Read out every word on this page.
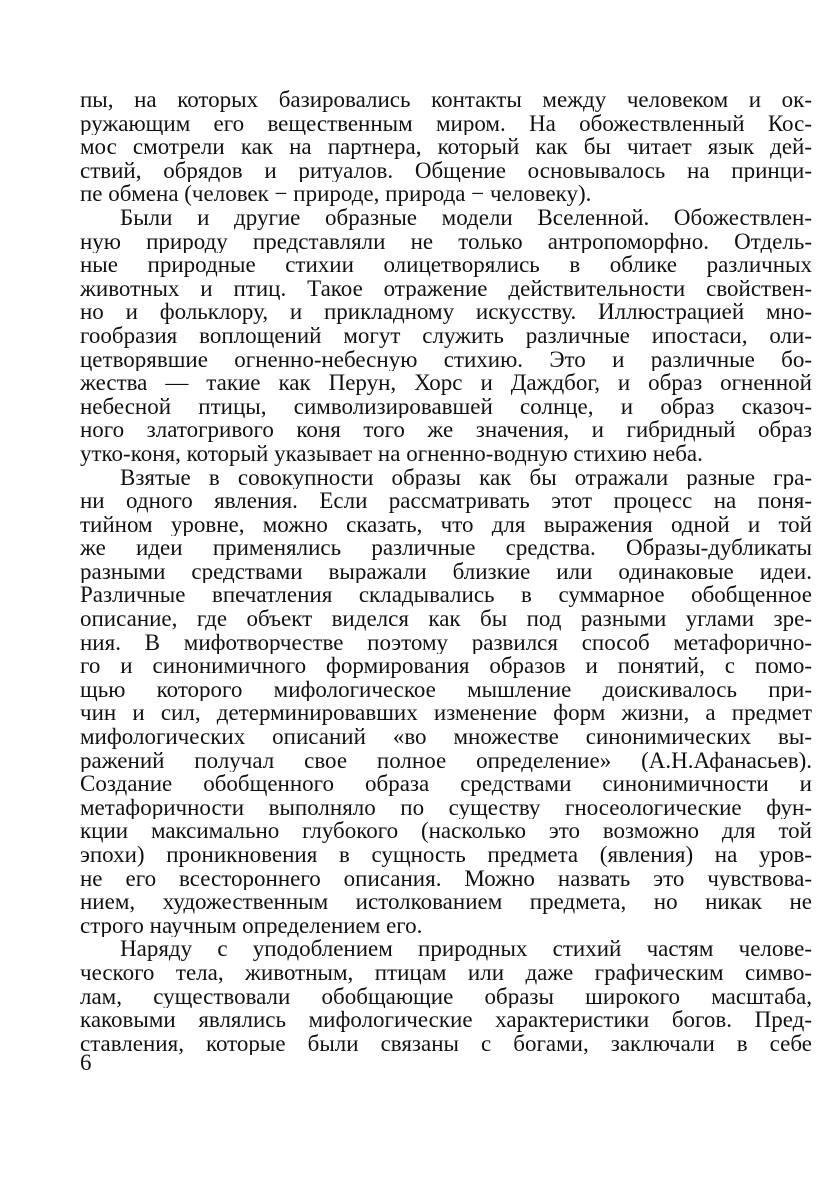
пы, на которых базировались контакты между человеком и ок-
ружающим его вещественным миром. На обожествленный Кос-
мос смотрели как на партнера, который как бы читает язык дей-
ствий, обрядов и ритуалов. Общение основывалось на принци-
пе обмена (человек − природе, природа − человеку).
Были и другие образные модели Вселенной. Обожествлен-
ную природу представляли не только антропоморфно. Отдель-
ные природные стихии олицетворялись в облике различных
животных и птиц. Такое отражение действительности свойствен-
но и фольклору, и прикладному искусству. Иллюстрацией мно-
гообразия воплощений могут служить различные ипостаси, оли-
цетворявшие огненно-небесную стихию. Это и различные бо-
жества — такие как Перун, Хорс и Даждбог, и образ огненной
небесной птицы, символизировавшей солнце, и образ сказоч-
ного златогривого коня того же значения, и гибридный образ
утко-коня, который указывает на огненно-водную стихию неба.
Взятые в совокупности образы как бы отражали разные гра-
ни одного явления. Если рассматривать этот процесс на поня-
тийном уровне, можно сказать, что для выражения одной и той
же идеи применялись различные средства. Образы-дубликаты
разными средствами выражали близкие или одинаковые идеи.
Различные впечатления складывались в суммарное обобщенное
описание, где объект виделся как бы под разными углами зре-
ния. В мифотворчестве поэтому развился способ метафорично-
го и синонимичного формирования образов и понятий, с помо-
щью которого мифологическое мышление доискивалось при-
чин и сил, детерминировавших изменение форм жизни, а предмет
мифологических описаний «во множестве синонимических вы-
ражений получал свое полное определение» (А.Н.Афанасьев).
Создание обобщенного образа средствами синонимичности и
метафоричности выполняло по существу гносеологические фун-
кции максимально глубокого (насколько это возможно для той
эпохи) проникновения в сущность предмета (явления) на уров-
не его всестороннего описания. Можно назвать это чувствова-
нием, художественным истолкованием предмета, но никак не
строго научным определением его.
Наряду с уподоблением природных стихий частям челове-
ческого тела, животным, птицам или даже графическим симво-
лам, существовали обобщающие образы широкого масштаба,
каковыми являлись мифологические характеристики богов. Пред-
ставления, которые были связаны с богами, заключали в себе
6
